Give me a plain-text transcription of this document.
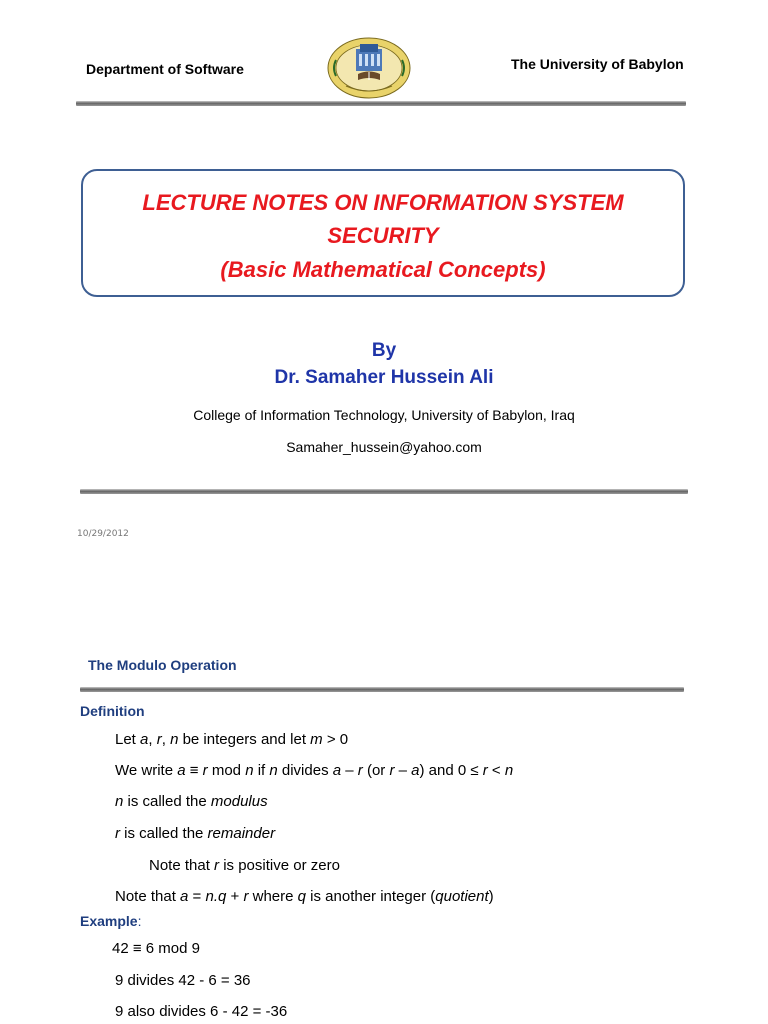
Department of Software	The University of Babylon
LECTURE NOTES ON INFORMATION SYSTEM
SECURITY
(Basic Mathematical Concepts)
By
Dr. Samaher Hussein Ali
College of Information Technology, University of Babylon, Iraq
Samaher_hussein@yahoo.com
10/29/2012
The Modulo Operation
Definition
Let a, r, n be integers and let m > 0
We write a ≡ r mod n if n divides a – r (or r – a) and 0 ≤ r < n
n is called the modulus
r is called the remainder
Note that r is positive or zero
Note that a = n.q + r where q is another integer (quotient)
Example:
42 ≡ 6 mod 9
9 divides 42 - 6 = 36
9 also divides 6 - 42 = -36
